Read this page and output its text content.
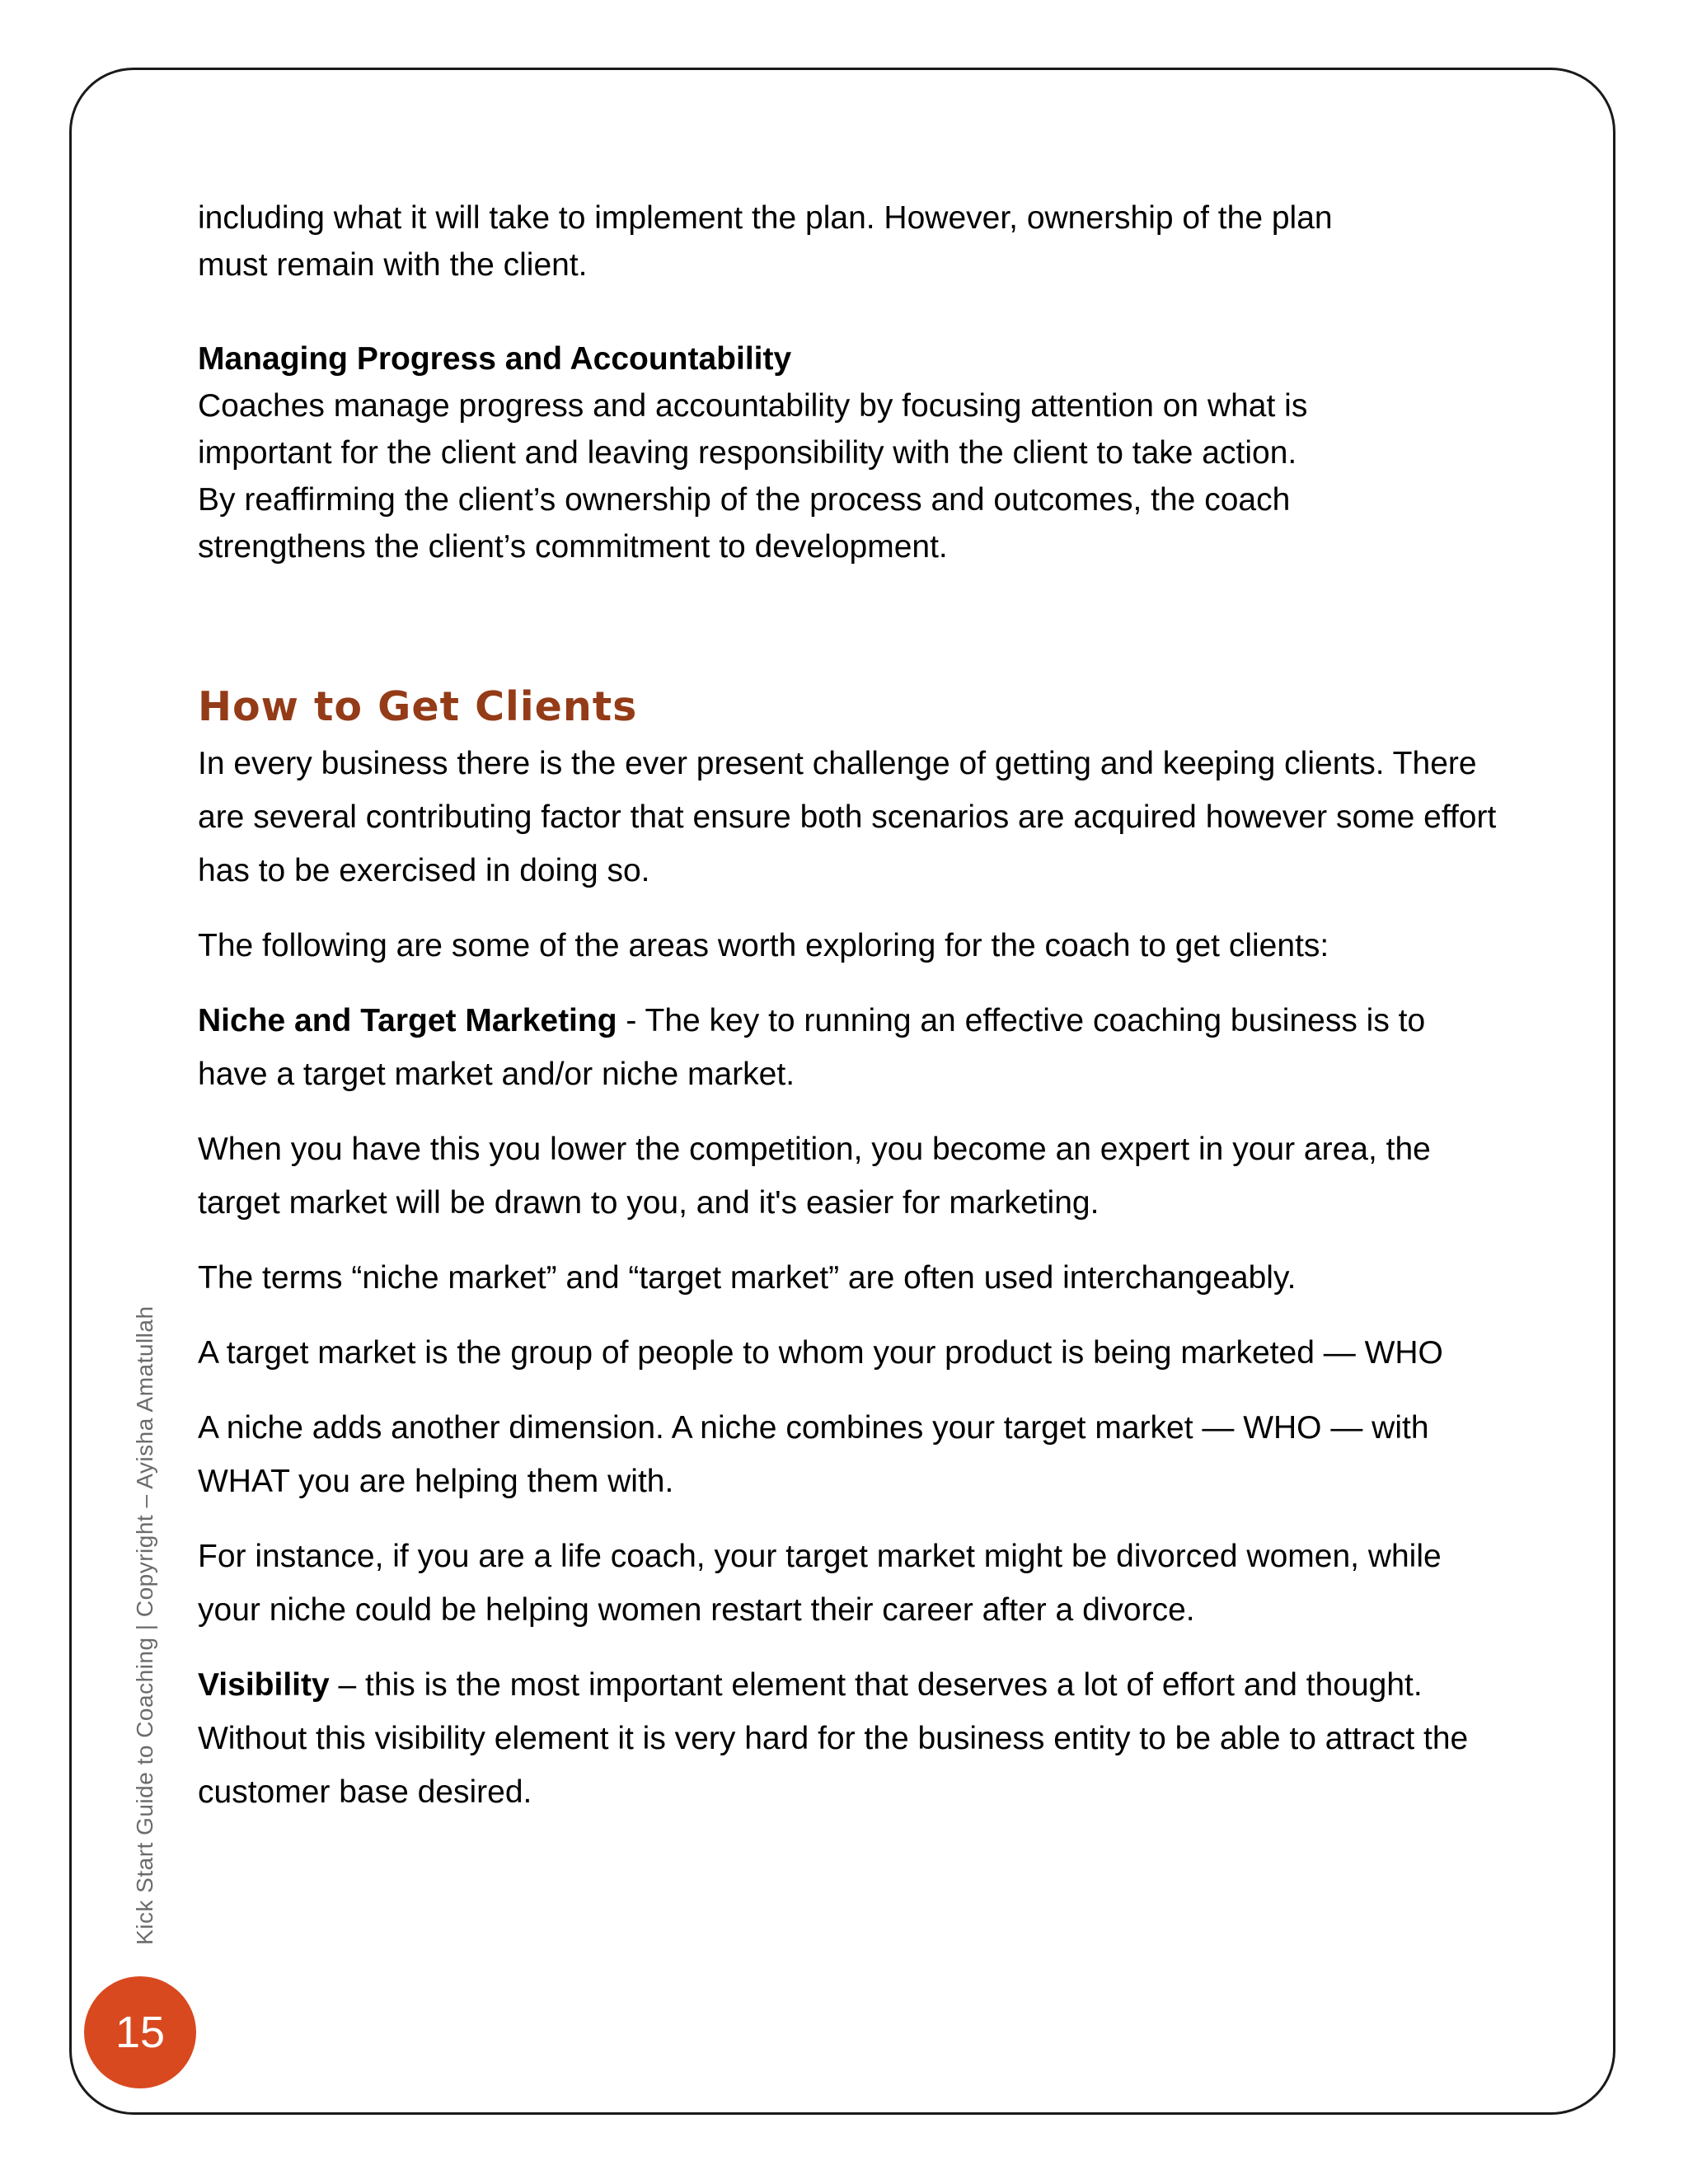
including what it will take to implement the plan. However, ownership of the plan

must remain with the client.

Managing Progress and Accountability

Coaches manage progress and accountability by focusing attention on what is

important for the client and leaving responsibility with the client to take action.

By reaffirming the client’s ownership of the process and outcomes, the coach

strengthens the client’s commitment to development.

How to Get Clients

In every business there is the ever present challenge of getting and keeping clients. There are several contributing factor that ensure both scenarios are acquired however some effort has to be exercised in doing so.

The following are some of the areas worth exploring for the coach to get clients:

Niche and Target Marketing - The key to running an effective coaching business is to have a target market and/or niche market.

When you have this you lower the competition, you become an expert in your area, the target market will be drawn to you, and it's easier for marketing.

The terms “niche market” and “target market” are often used interchangeably.

A target market is the group of people to whom your product is being marketed — WHO

A niche adds another dimension. A niche combines your target market — WHO — with WHAT you are helping them with.

For instance, if you are a life coach, your target market might be divorced women, while your niche could be helping women restart their career after a divorce.

Visibility – this is the most important element that deserves a lot of effort and thought. Without this visibility element it is very hard for the business entity to be able to attract the customer base desired.

Kick Start Guide to Coaching | Copyright – Ayisha Amatullah
15
